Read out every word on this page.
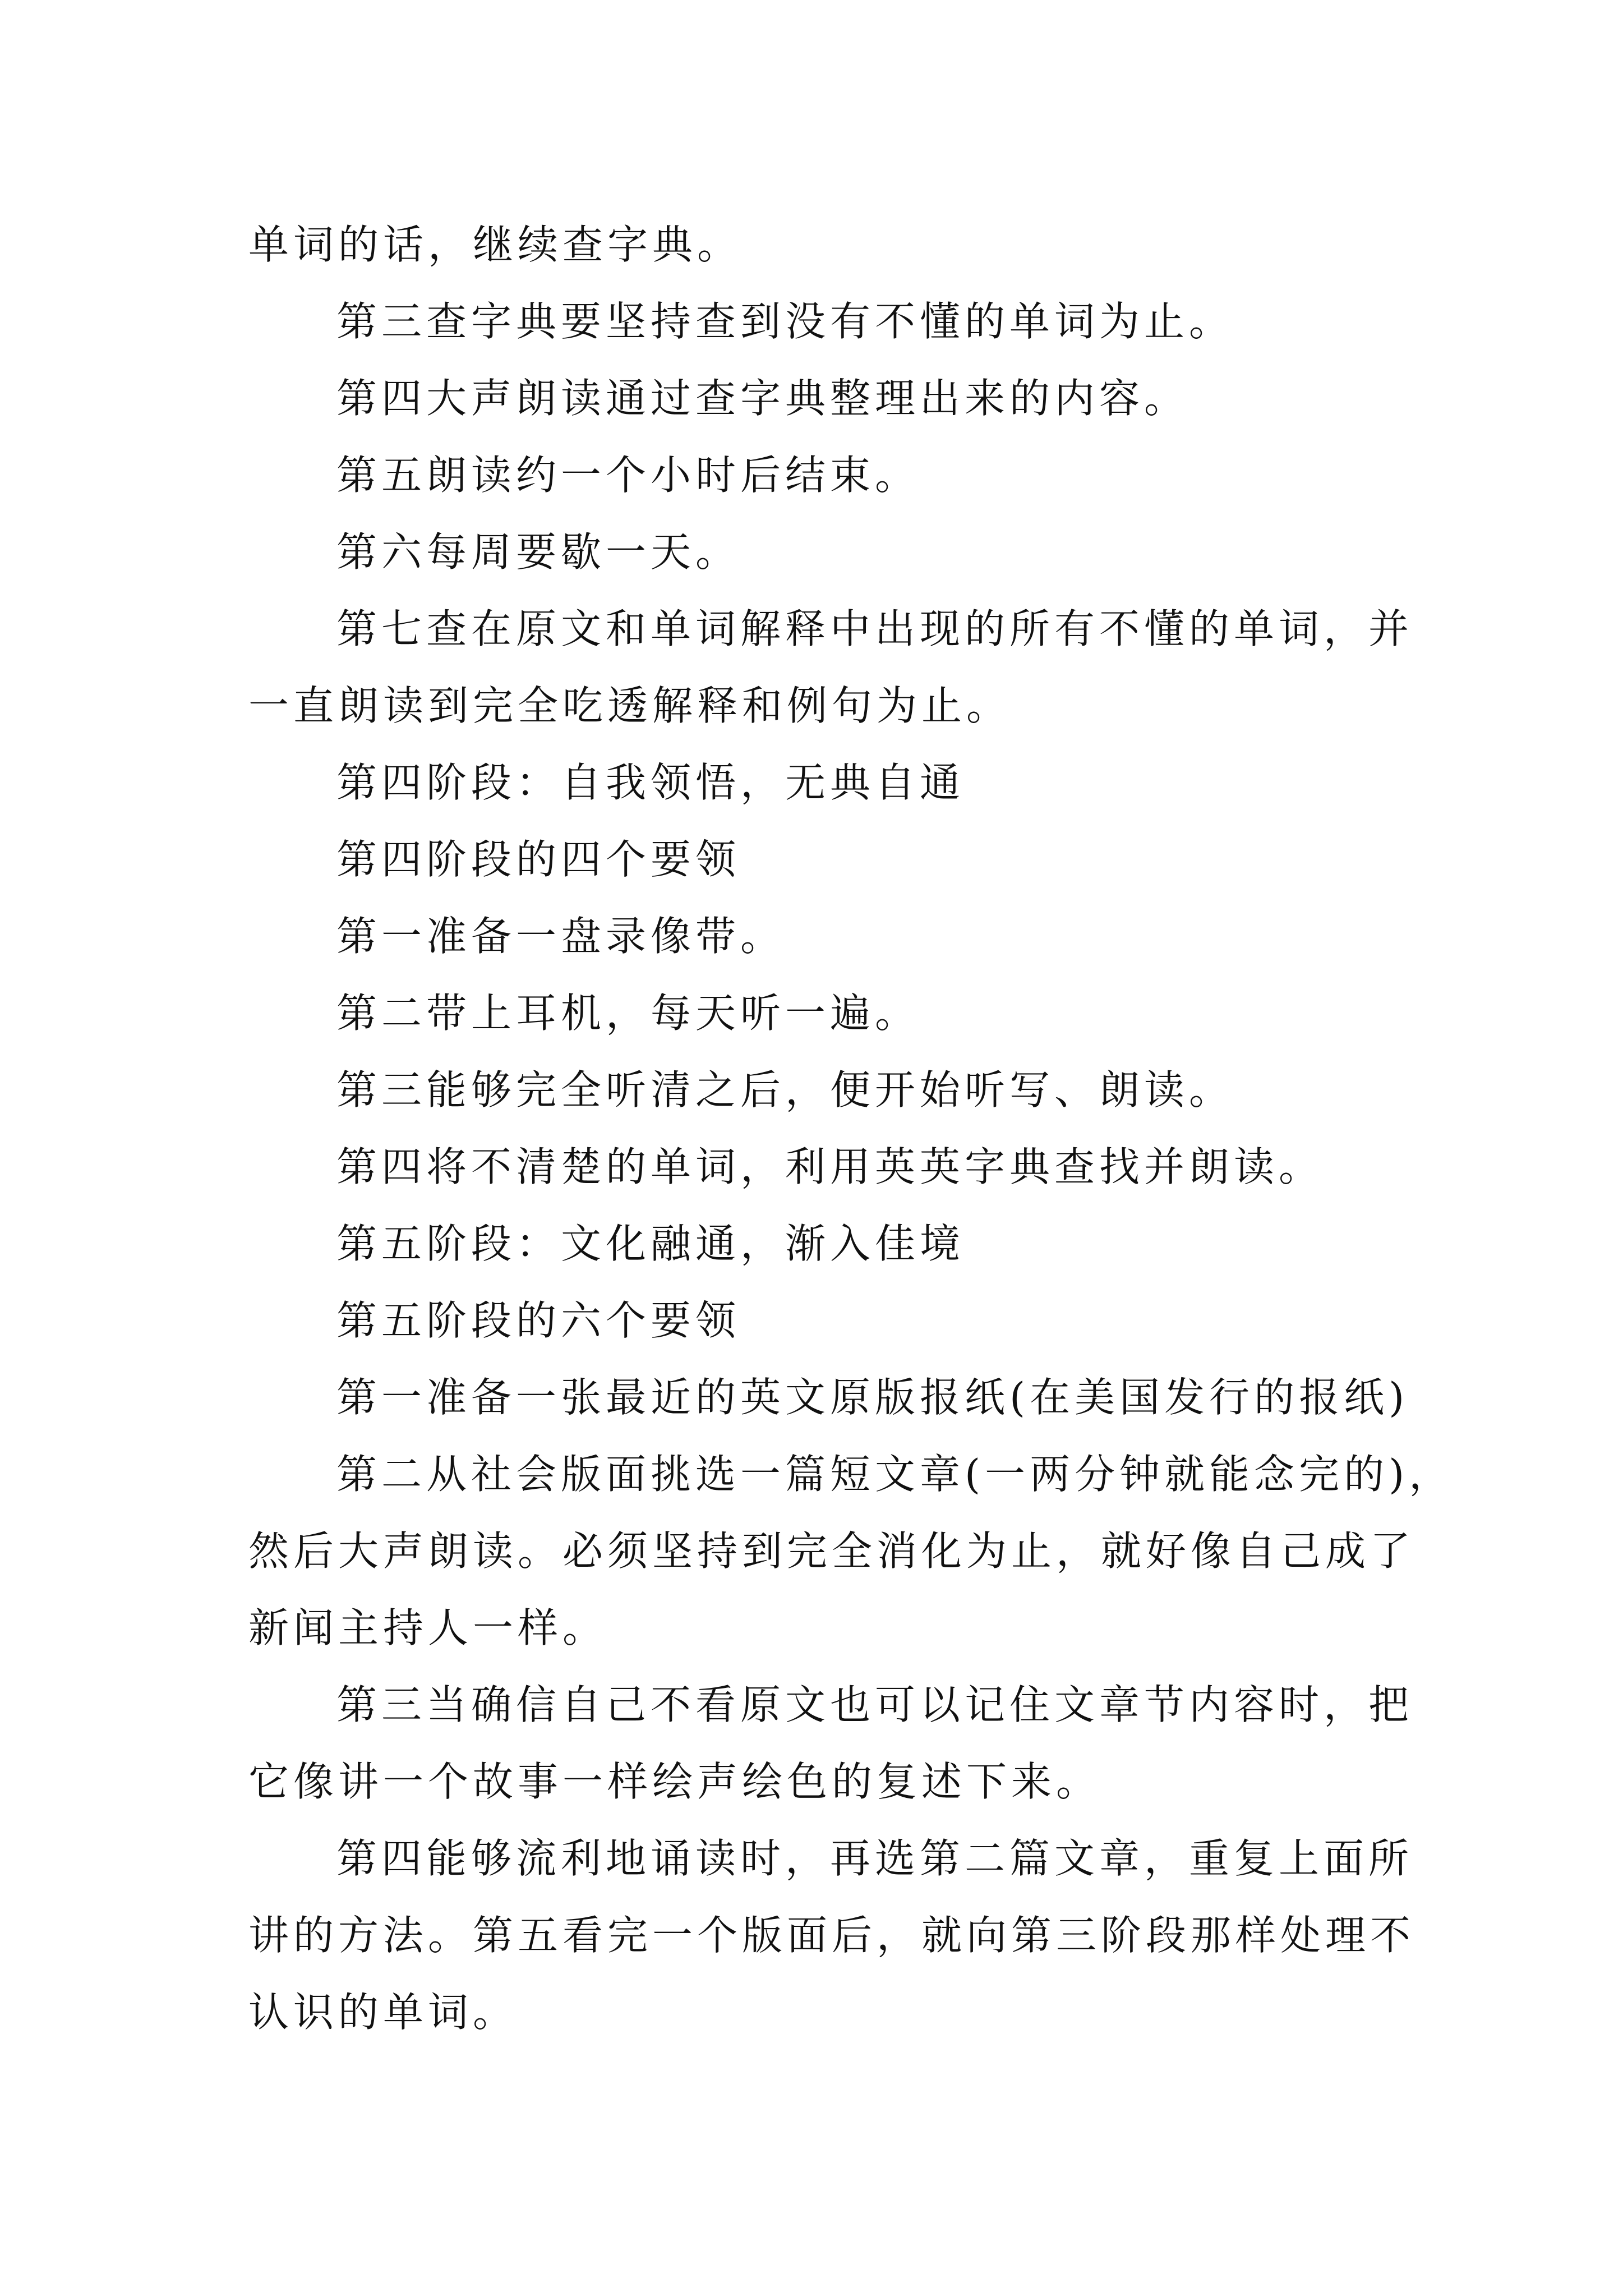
单词的话，继续查字典。

第三查字典要坚持查到没有不懂的单词为止。

第四大声朗读通过查字典整理出来的内容。

第五朗读约一个小时后结束。

第六每周要歇一天。

第七查在原文和单词解释中出现的所有不懂的单词，并

一直朗读到完全吃透解释和例句为止。

第四阶段：自我领悟，无典自通

第四阶段的四个要领

第一准备一盘录像带。

第二带上耳机，每天听一遍。

第三能够完全听清之后，便开始听写、朗读。

第四将不清楚的单词，利用英英字典查找并朗读。

第五阶段：文化融通，渐入佳境

第五阶段的六个要领

第一准备一张最近的英文原版报纸(在美国发行的报纸)

第二从社会版面挑选一篇短文章(一两分钟就能念完的)，

然后大声朗读。必须坚持到完全消化为止，就好像自己成了

新闻主持人一样。

第三当确信自己不看原文也可以记住文章节内容时，把

它像讲一个故事一样绘声绘色的复述下来。

第四能够流利地诵读时，再选第二篇文章，重复上面所

讲的方法。第五看完一个版面后，就向第三阶段那样处理不

认识的单词。
